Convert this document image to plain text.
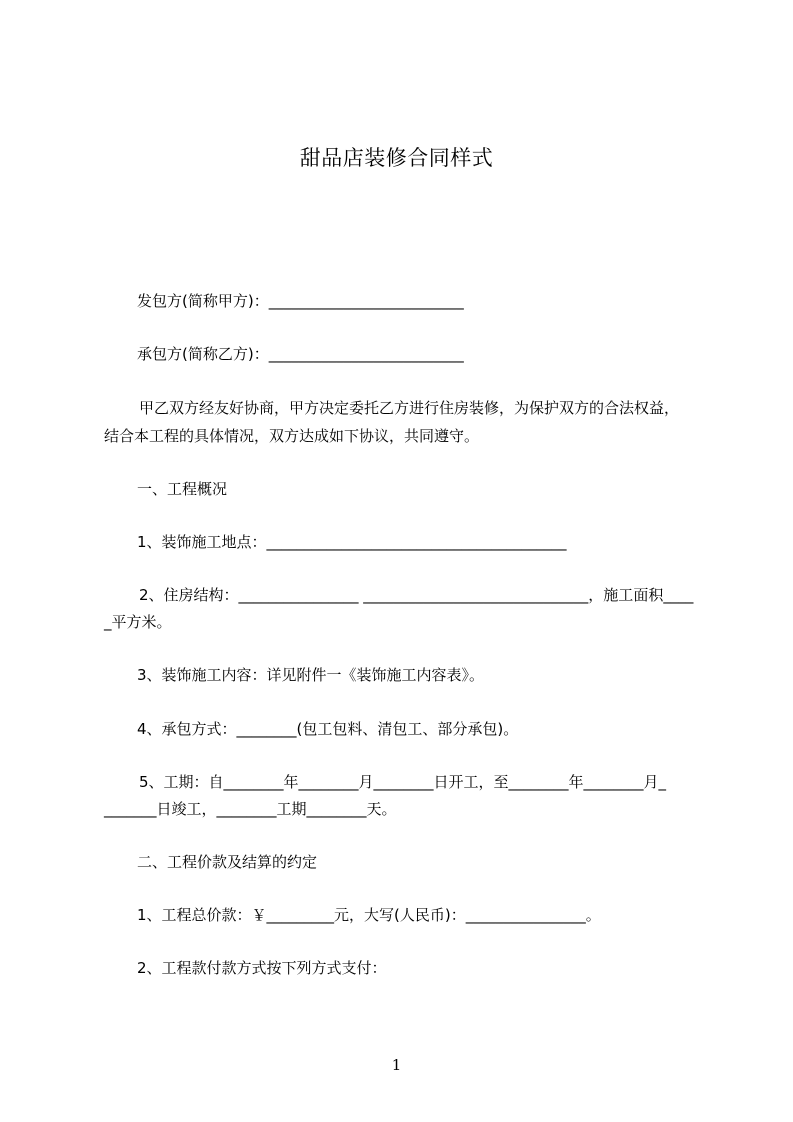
甜品店装修合同样式
发包方(简称甲方)：__________________________
承包方(简称乙方)：__________________________
甲乙双方经友好协商，甲方决定委托乙方进行住房装修，为保护双方的合法权益，
结合本工程的具体情况，双方达成如下协议，共同遵守。
一、工程概况
1、装饰施工地点：________________________________________
2、住房结构：________________ ______________________________，施工面积____
_平方米。
3、装饰施工内容：详见附件一《装饰施工内容表》。
4、承包方式：________(包工包料、清包工、部分承包)。
5、工期：自________年________月________日开工，至________年________月_
_______日竣工，________工期________天。
二、工程价款及结算的约定
1、工程总价款：￥_________元，大写(人民币)：________________。
2、工程款付款方式按下列方式支付：
1
